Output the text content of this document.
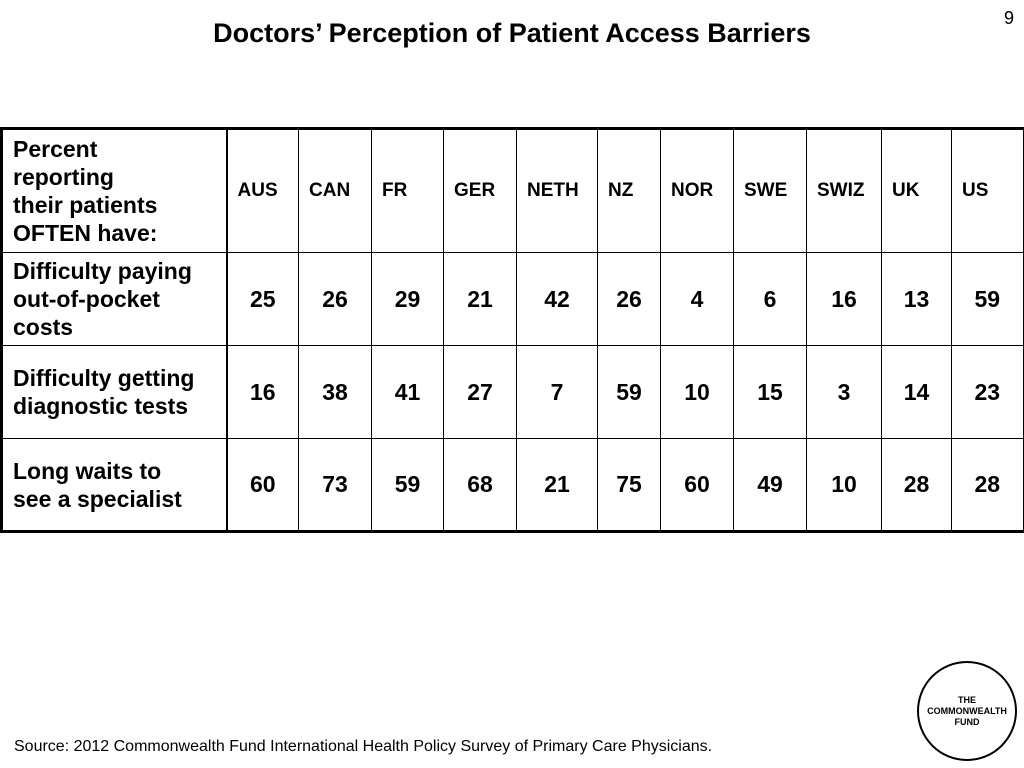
9
Doctors’ Perception of Patient Access Barriers
Percent
reporting
their patients
OFTEN have:	AUS	CAN	FR	GER	NETH	NZ	NOR	SWE	SWIZ	UK	US

Difficulty paying
out-of-pocket
costs	25	26	29	21	42	26	4	6	16	13	59

Difficulty getting
diagnostic tests	16	38	41	27	7	59	10	15	3	14	23

Long waits to
see a specialist	60	73	59	68	21	75	60	49	10	28	28
Source: 2012 Commonwealth Fund International Health Policy Survey of Primary Care Physicians.
THE
COMMONWEALTH
FUND
